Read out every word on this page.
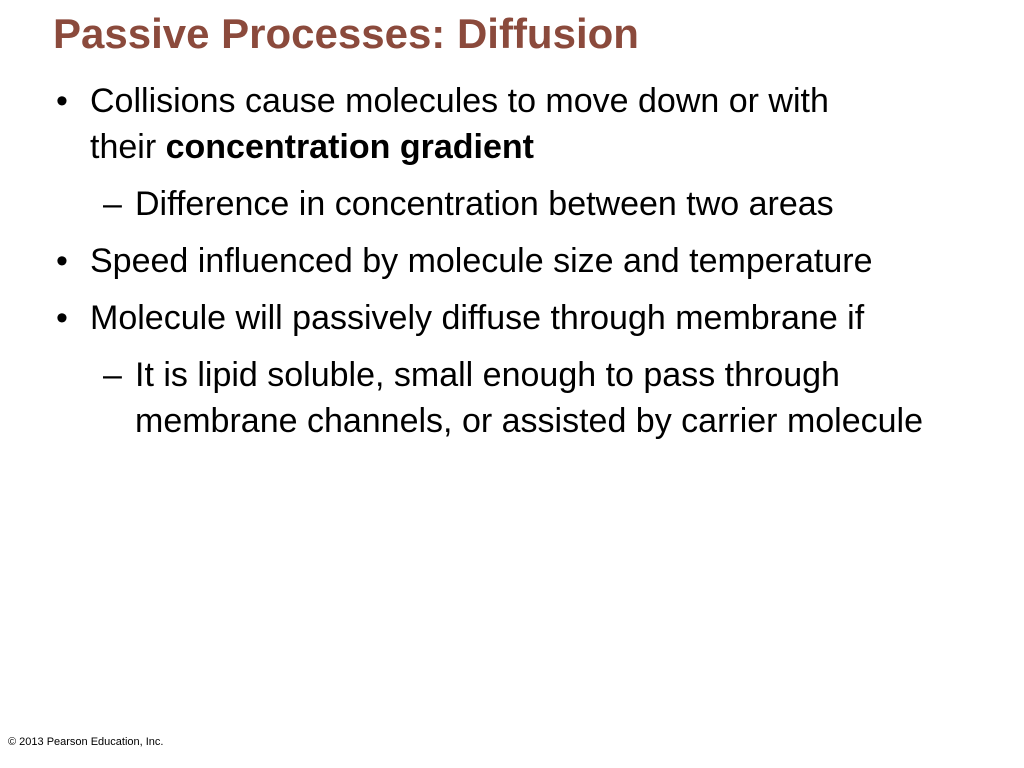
Passive Processes: Diffusion
• Collisions cause molecules to move down or with their concentration gradient
– Difference in concentration between two areas
• Speed influenced by molecule size and temperature
• Molecule will passively diffuse through membrane if
– It is lipid soluble, small enough to pass through membrane channels, or assisted by carrier molecule
© 2013 Pearson Education, Inc.
